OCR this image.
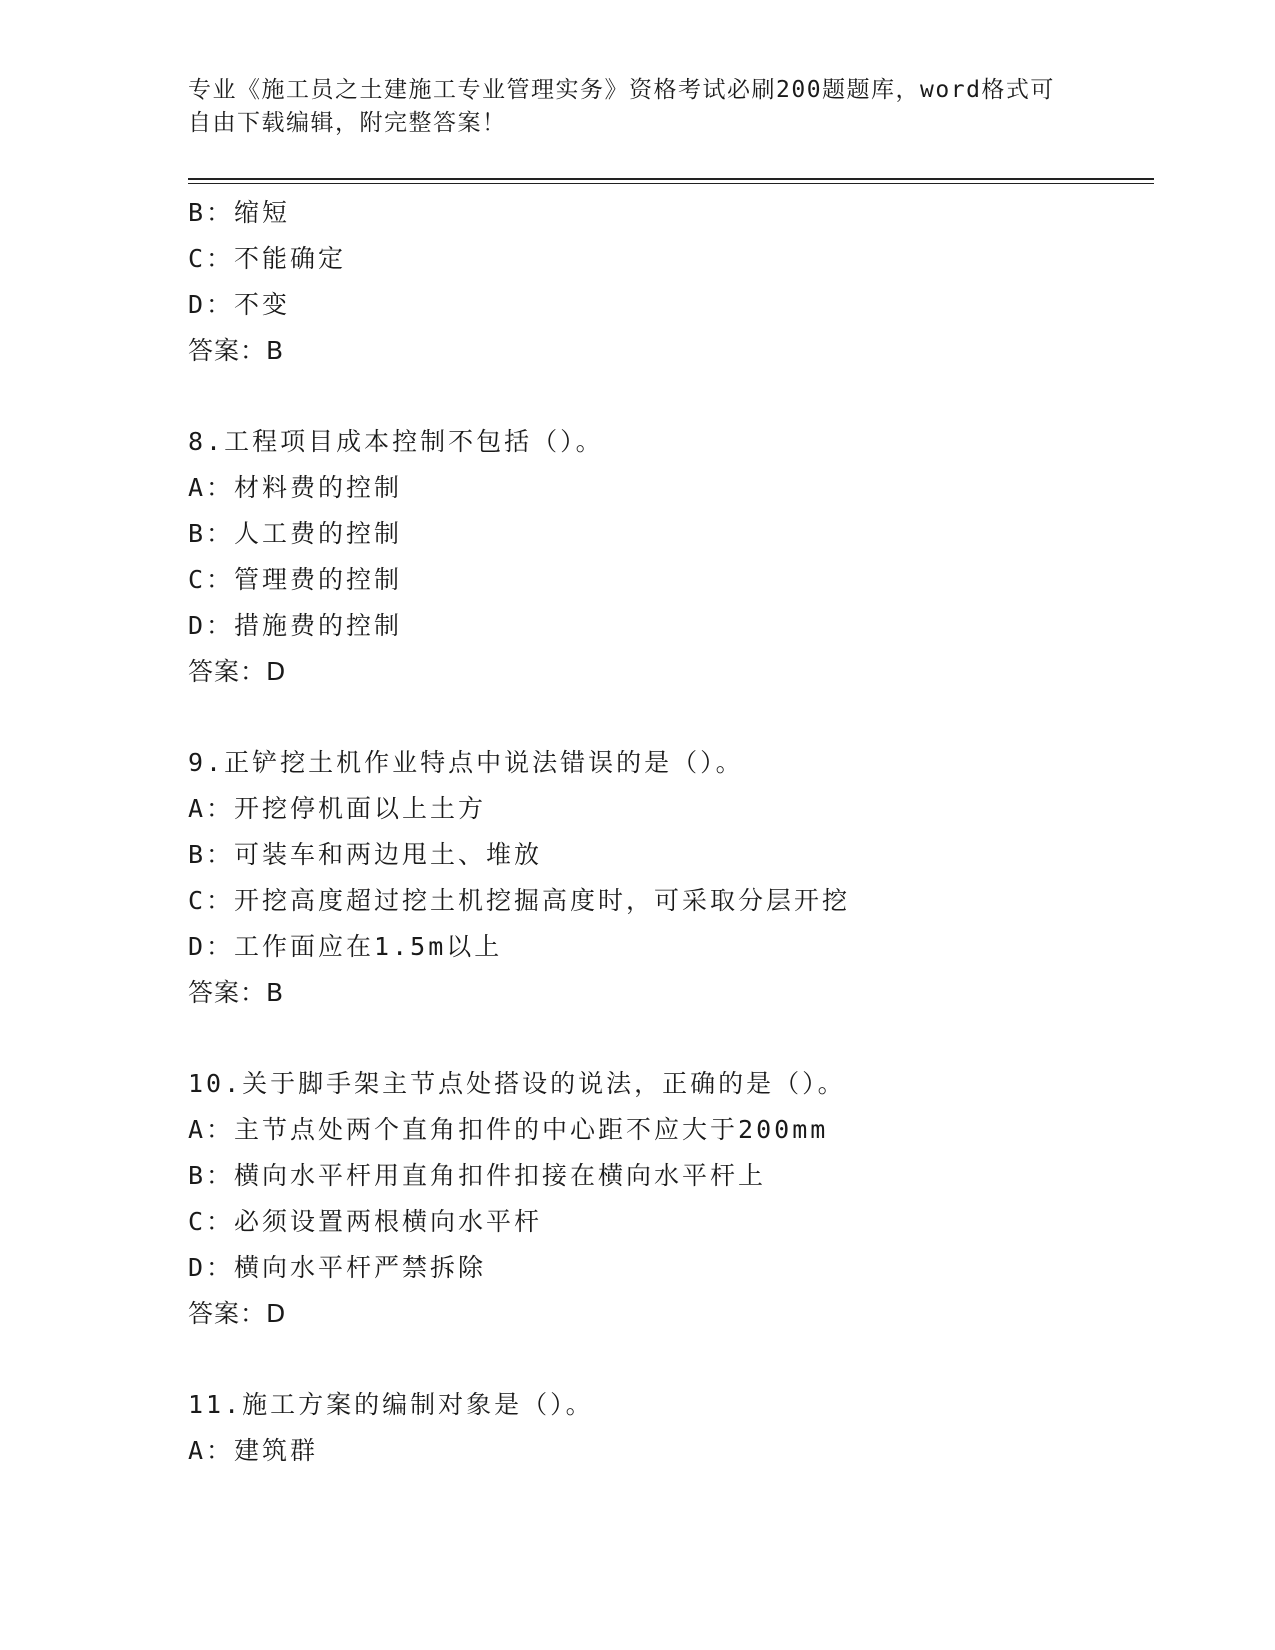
专业《施工员之土建施工专业管理实务》资格考试必刷200题题库，word格式可
自由下载编辑，附完整答案！
B：缩短
C：不能确定
D：不变
答案：B
8.工程项目成本控制不包括（）。
A：材料费的控制
B：人工费的控制
C：管理费的控制
D：措施费的控制
答案：D
9.正铲挖土机作业特点中说法错误的是（）。
A：开挖停机面以上土方
B：可装车和两边甩土、堆放
C：开挖高度超过挖土机挖掘高度时，可采取分层开挖
D：工作面应在1.5m以上
答案：B
10.关于脚手架主节点处搭设的说法，正确的是（）。
A：主节点处两个直角扣件的中心距不应大于200mm
B：横向水平杆用直角扣件扣接在横向水平杆上
C：必须设置两根横向水平杆
D：横向水平杆严禁拆除
答案：D
11.施工方案的编制对象是（）。
A：建筑群
